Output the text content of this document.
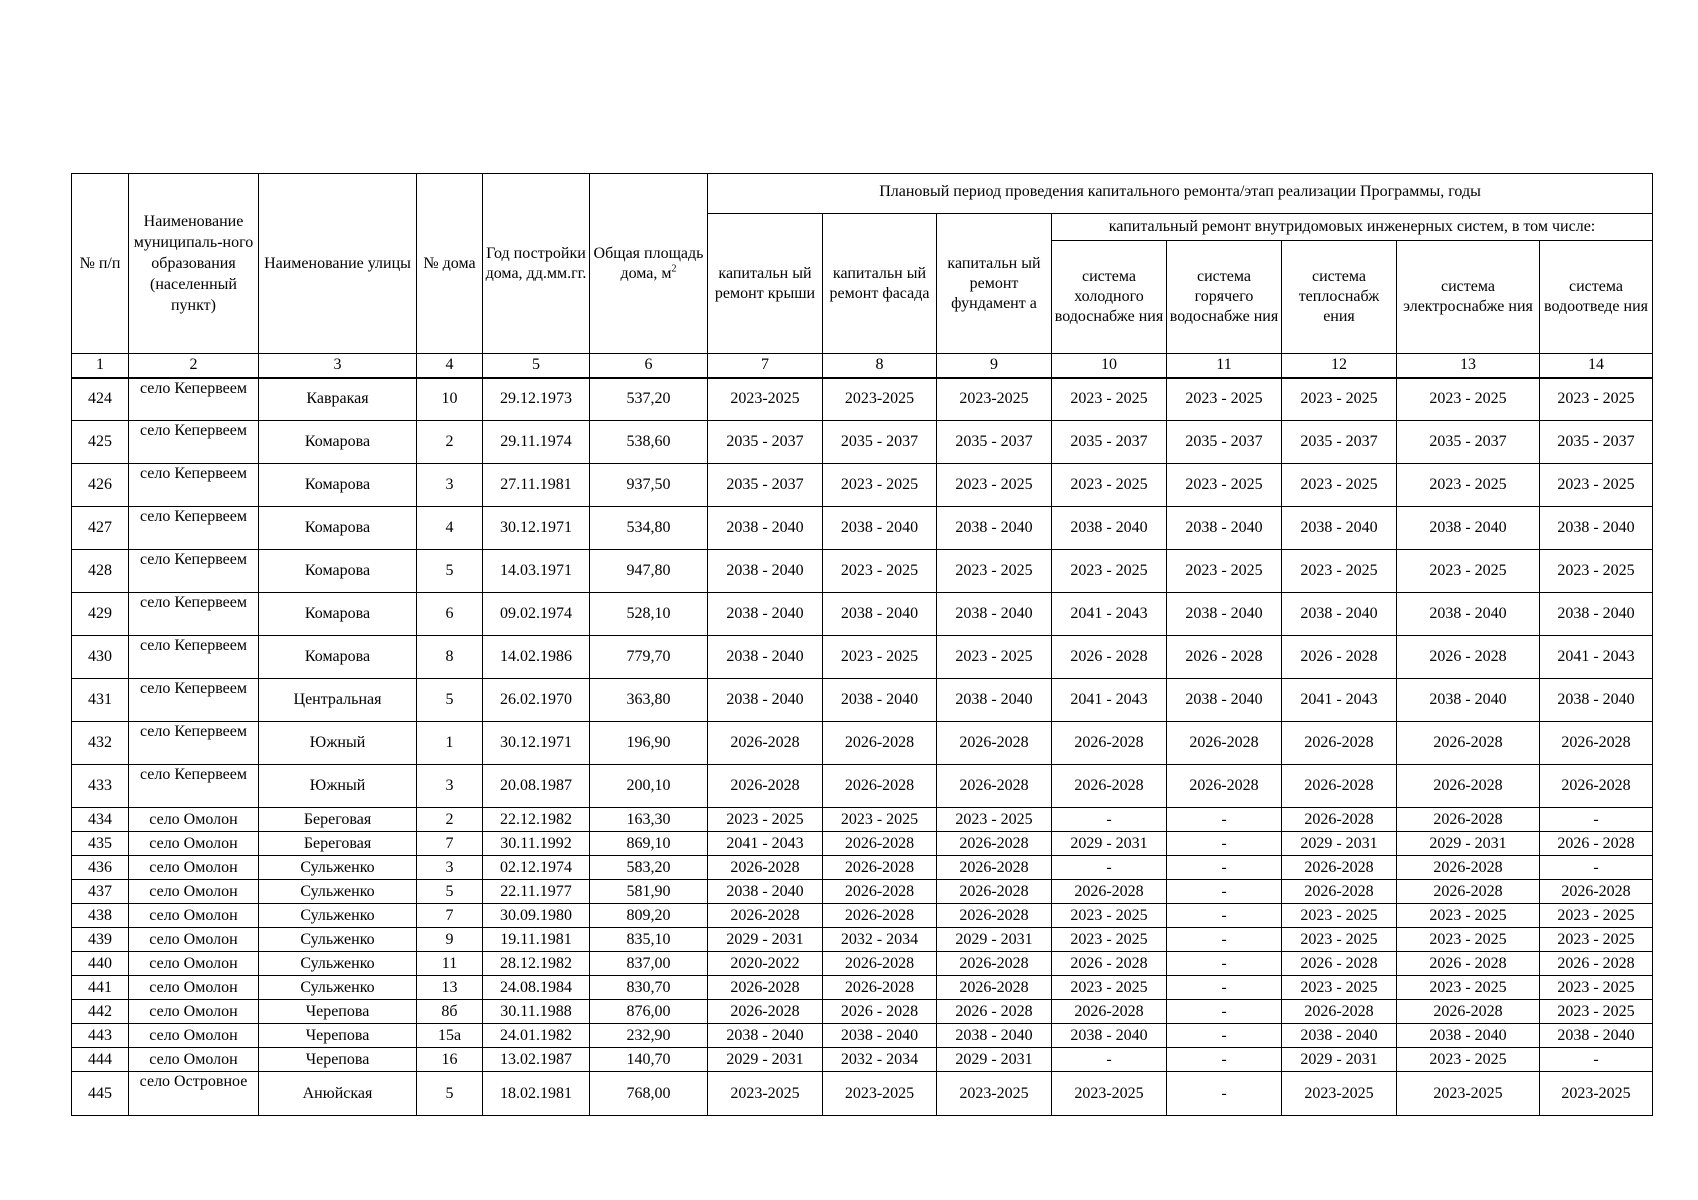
№ п/п	Наименование муниципаль-ного образования (населенный пункт)	Наименование улицы	№ дома	Год постройки дома, дд.мм.гг.	Общая площадь дома, $м^2$	Плановый период проведения капитального ремонта/этап реализации Программы, годы							
						капитальн ый ремонт крыши	капитальн ый ремонт фасада	капитальн ый ремонт фундамент а	капитальный ремонт внутридомовых инженерных систем, в том числе:				
									система холодного водоснабже ния	система горячего водоснабже ния	система теплоснабж ения	система электроснабже ния	система водоотведе ния
1	2	3	4	5	6	7	8	9	10	11	12	13	14
424	село Кепервеем	Кавракая	10	29.12.1973	537,20	2023-2025	2023-2025	2023-2025	2023 - 2025	2023 - 2025	2023 - 2025	2023 - 2025	2023 - 2025
425	село Кепервеем	Комарова	2	29.11.1974	538,60	2035 - 2037	2035 - 2037	2035 - 2037	2035 - 2037	2035 - 2037	2035 - 2037	2035 - 2037	2035 - 2037
426	село Кепервеем	Комарова	3	27.11.1981	937,50	2035 - 2037	2023 - 2025	2023 - 2025	2023 - 2025	2023 - 2025	2023 - 2025	2023 - 2025	2023 - 2025
427	село Кепервеем	Комарова	4	30.12.1971	534,80	2038 - 2040	2038 - 2040	2038 - 2040	2038 - 2040	2038 - 2040	2038 - 2040	2038 - 2040	2038 - 2040
428	село Кепервеем	Комарова	5	14.03.1971	947,80	2038 - 2040	2023 - 2025	2023 - 2025	2023 - 2025	2023 - 2025	2023 - 2025	2023 - 2025	2023 - 2025
429	село Кепервеем	Комарова	6	09.02.1974	528,10	2038 - 2040	2038 - 2040	2038 - 2040	2041 - 2043	2038 - 2040	2038 - 2040	2038 - 2040	2038 - 2040
430	село Кепервеем	Комарова	8	14.02.1986	779,70	2038 - 2040	2023 - 2025	2023 - 2025	2026 - 2028	2026 - 2028	2026 - 2028	2026 - 2028	2041 - 2043
431	село Кепервеем	Центральная	5	26.02.1970	363,80	2038 - 2040	2038 - 2040	2038 - 2040	2041 - 2043	2038 - 2040	2041 - 2043	2038 - 2040	2038 - 2040
432	село Кепервеем	Южный	1	30.12.1971	196,90	2026-2028	2026-2028	2026-2028	2026-2028	2026-2028	2026-2028	2026-2028	2026-2028
433	село Кепервеем	Южный	3	20.08.1987	200,10	2026-2028	2026-2028	2026-2028	2026-2028	2026-2028	2026-2028	2026-2028	2026-2028
434	село Омолон	Береговая	2	22.12.1982	163,30	2023 - 2025	2023 - 2025	2023 - 2025	-	-	2026-2028	2026-2028	-
435	село Омолон	Береговая	7	30.11.1992	869,10	2041 - 2043	2026-2028	2026-2028	2029 - 2031	-	2029 - 2031	2029 - 2031	2026 - 2028
436	село Омолон	Сульженко	3	02.12.1974	583,20	2026-2028	2026-2028	2026-2028	-	-	2026-2028	2026-2028	-
437	село Омолон	Сульженко	5	22.11.1977	581,90	2038 - 2040	2026-2028	2026-2028	2026-2028	-	2026-2028	2026-2028	2026-2028
438	село Омолон	Сульженко	7	30.09.1980	809,20	2026-2028	2026-2028	2026-2028	2023 - 2025	-	2023 - 2025	2023 - 2025	2023 - 2025
439	село Омолон	Сульженко	9	19.11.1981	835,10	2029 - 2031	2032 - 2034	2029 - 2031	2023 - 2025	-	2023 - 2025	2023 - 2025	2023 - 2025
440	село Омолон	Сульженко	11	28.12.1982	837,00	2020-2022	2026-2028	2026-2028	2026 - 2028	-	2026 - 2028	2026 - 2028	2026 - 2028
441	село Омолон	Сульженко	13	24.08.1984	830,70	2026-2028	2026-2028	2026-2028	2023 - 2025	-	2023 - 2025	2023 - 2025	2023 - 2025
442	село Омолон	Черепова	8б	30.11.1988	876,00	2026-2028	2026 - 2028	2026 - 2028	2026-2028	-	2026-2028	2026-2028	2023 - 2025
443	село Омолон	Черепова	15а	24.01.1982	232,90	2038 - 2040	2038 - 2040	2038 - 2040	2038 - 2040	-	2038 - 2040	2038 - 2040	2038 - 2040
444	село Омолон	Черепова	16	13.02.1987	140,70	2029 - 2031	2032 - 2034	2029 - 2031	-	-	2029 - 2031	2023 - 2025	-
445	село Островное	Анюйская	5	18.02.1981	768,00	2023-2025	2023-2025	2023-2025	2023-2025	-	2023-2025	2023-2025	2023-2025
